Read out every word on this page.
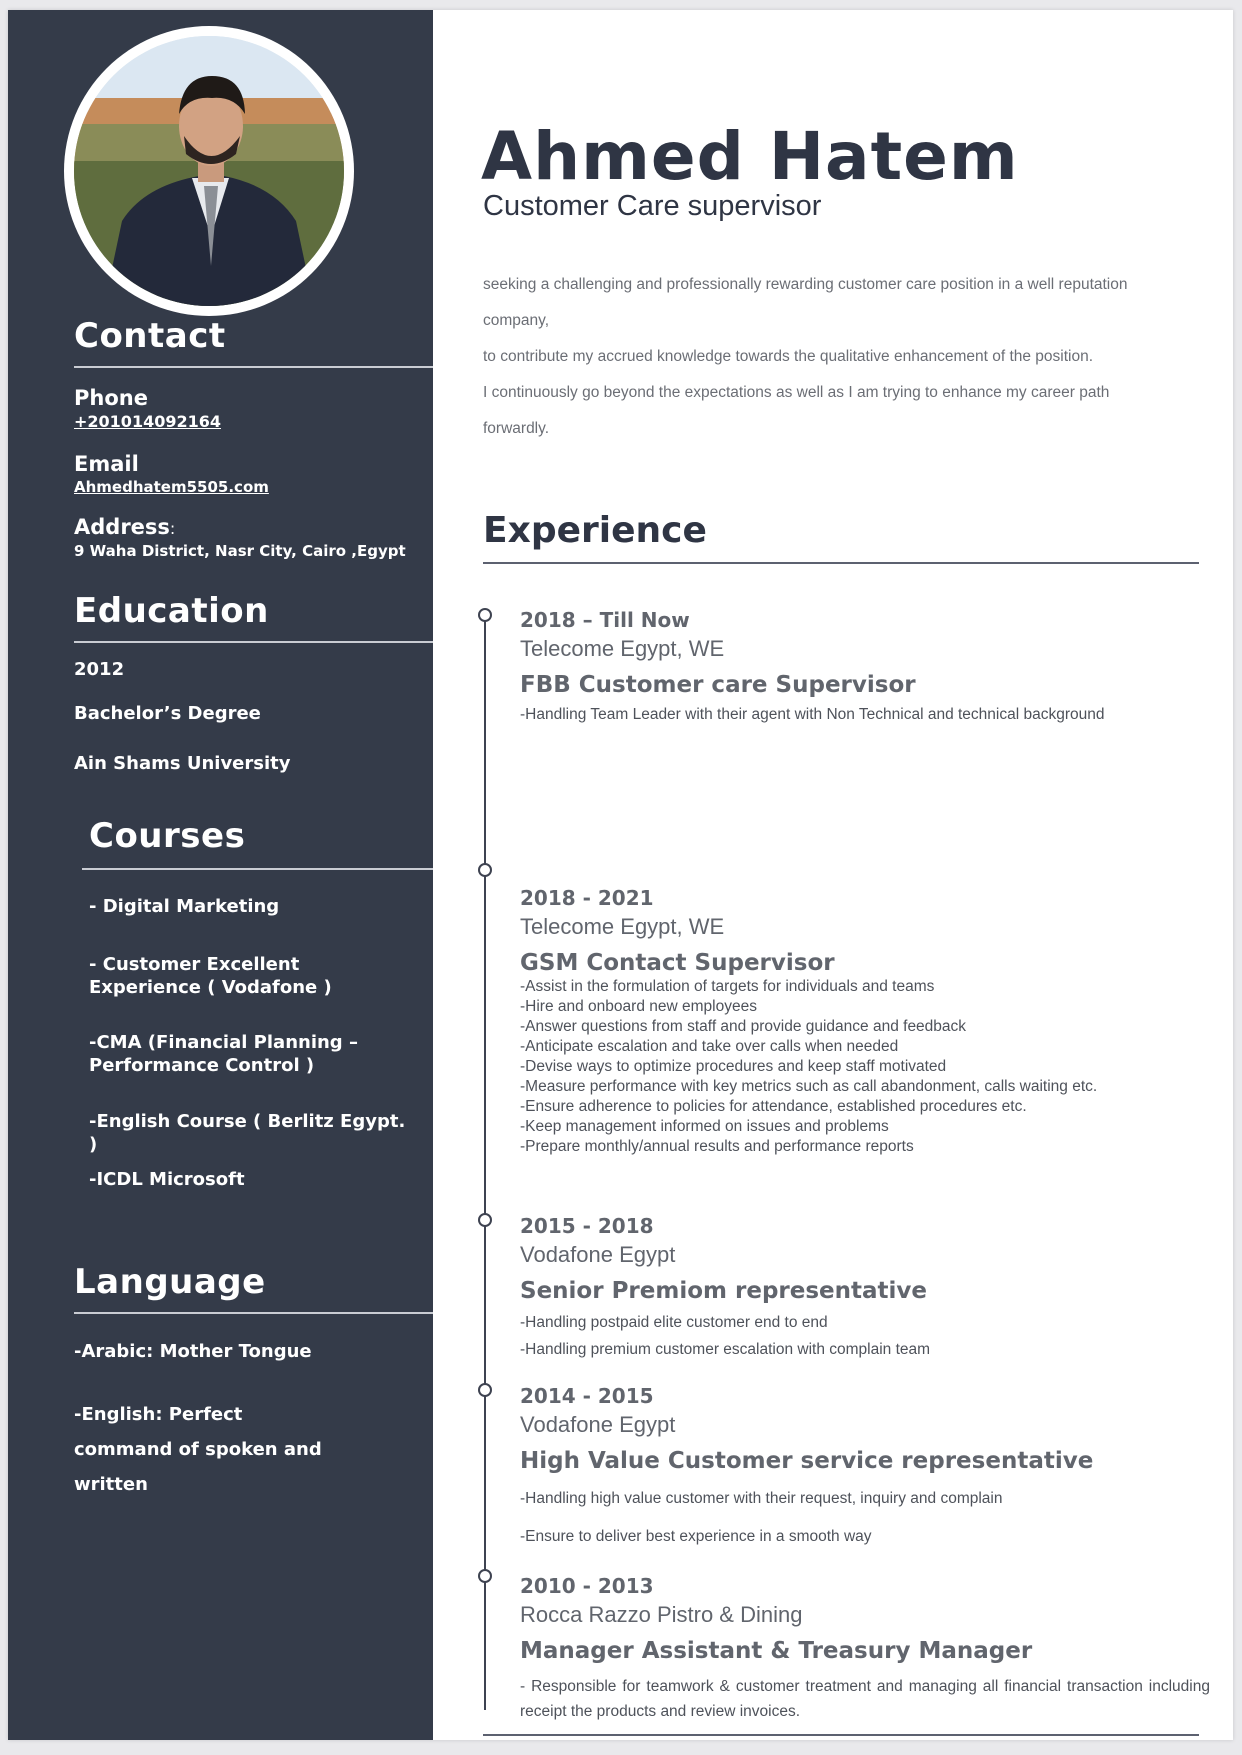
Contact
Phone
+201014092164
Email
Ahmedhatem5505.com
Address:
9 Waha District, Nasr City, Cairo ,Egypt
Education
2012
Bachelor’s Degree
Ain Shams University
Courses
- Digital Marketing
- Customer Excellent Experience ( Vodafone )
-CMA (Financial Planning – Performance Control )
-English Course ( Berlitz Egypt. )
-ICDL Microsoft
Language
-Arabic: Mother Tongue
-English: Perfect command of spoken and written
Ahmed Hatem
Customer Care supervisor
seeking a challenging and professionally rewarding customer care position in a well reputation
company,
to contribute my accrued knowledge towards the qualitative enhancement of the position.
I continuously go beyond the expectations as well as I am trying to enhance my career path
forwardly.
Experience
2018 – Till Now
Telecome Egypt, WE
FBB Customer care Supervisor
-Handling Team Leader with their agent with Non Technical and technical background
2018 - 2021
Telecome Egypt, WE
GSM Contact Supervisor
-Assist in the formulation of targets for individuals and teams
-Hire and onboard new employees
-Answer questions from staff and provide guidance and feedback
-Anticipate escalation and take over calls when needed
-Devise ways to optimize procedures and keep staff motivated
-Measure performance with key metrics such as call abandonment, calls waiting etc.
-Ensure adherence to policies for attendance, established procedures etc.
-Keep management informed on issues and problems
-Prepare monthly/annual results and performance reports
2015 - 2018
Vodafone Egypt
Senior Premiom representative
-Handling postpaid elite customer end to end
-Handling premium customer escalation with complain team
2014 - 2015
Vodafone Egypt
High Value Customer service representative
-Handling high value customer with their request, inquiry and complain
-Ensure to deliver best experience in a smooth way
2010 - 2013
Rocca Razzo Pistro & Dining
Manager Assistant & Treasury Manager
- Responsible for teamwork & customer treatment and managing all financial transaction including receipt the products and review invoices.
